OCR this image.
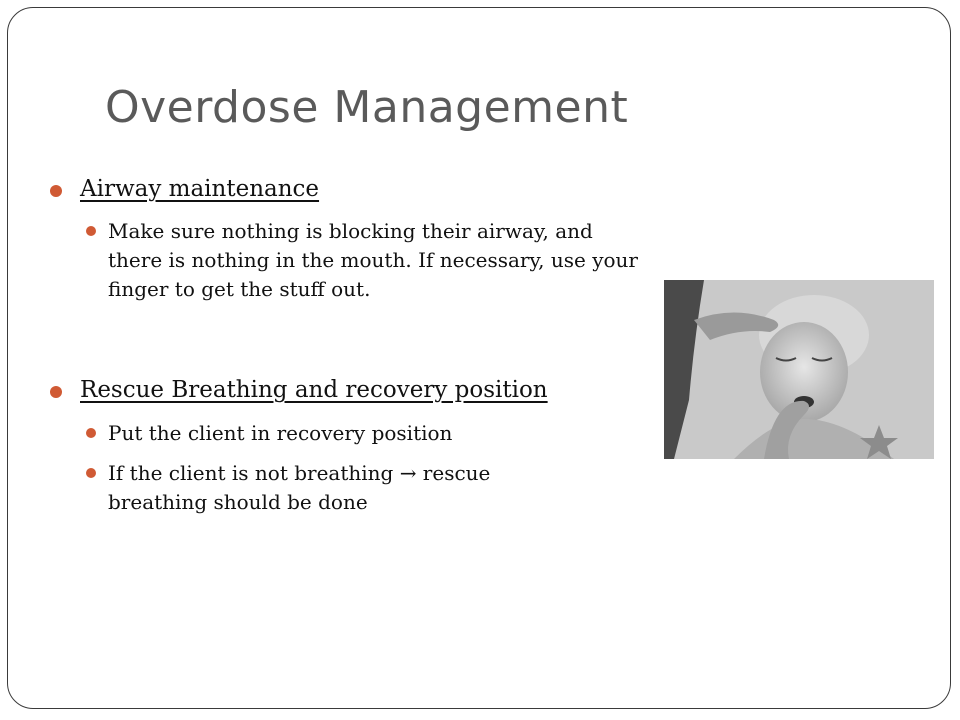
Overdose Management
Airway maintenance
Make sure nothing is blocking their airway, and there is nothing in the mouth. If necessary, use your finger to get the stuff out.
Rescue Breathing and recovery position
Put the client in recovery position
If the client is not breathing → rescue breathing should be done
